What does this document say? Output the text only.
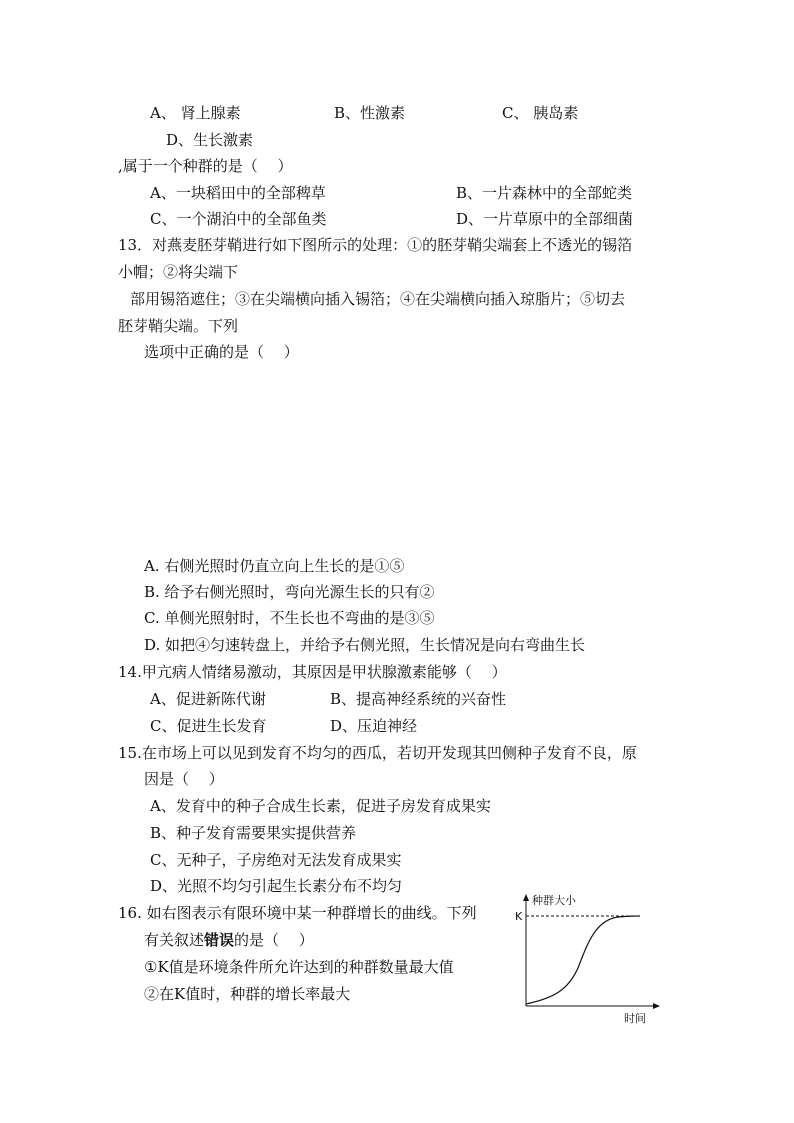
A、 肾上腺素	B、性激素	C、 胰岛素
D、生长激素
,属于一个种群的是（　 ）
A、一块稻田中的全部稗草	B、一片森林中的全部蛇类
C、一个湖泊中的全部鱼类	D、一片草原中的全部细菌
13．对燕麦胚芽鞘进行如下图所示的处理：①的胚芽鞘尖端套上不透光的锡箔
小帽；②将尖端下
部用锡箔遮住；③在尖端横向插入锡箔；④在尖端横向插入琼脂片；⑤切去
胚芽鞘尖端。下列
选项中正确的是（　 ）
A. 右侧光照时仍直立向上生长的是①⑤
B. 给予右侧光照时，弯向光源生长的只有②
C. 单侧光照射时，不生长也不弯曲的是③⑤
D. 如把④匀速转盘上，并给予右侧光照，生长情况是向右弯曲生长
14.甲亢病人情绪易激动，其原因是甲状腺激素能够（　 ）
A、促进新陈代谢	B、提高神经系统的兴奋性
C、促进生长发育	D、压迫神经
15.在市场上可以见到发育不均匀的西瓜，若切开发现其凹侧种子发育不良，原
因是（　 ）
A、发育中的种子合成生长素，促进子房发育成果实
B、种子发育需要果实提供营养
C、无种子，子房绝对无法发育成果实
D、光照不均匀引起生长素分布不均匀
16. 如右图表示有限环境中某一种群增长的曲线。下列
有关叙述错误的是（　 ）
①K值是环境条件所允许达到的种群数量最大值
②在K值时，种群的增长率最大
种群大小
K
时间
